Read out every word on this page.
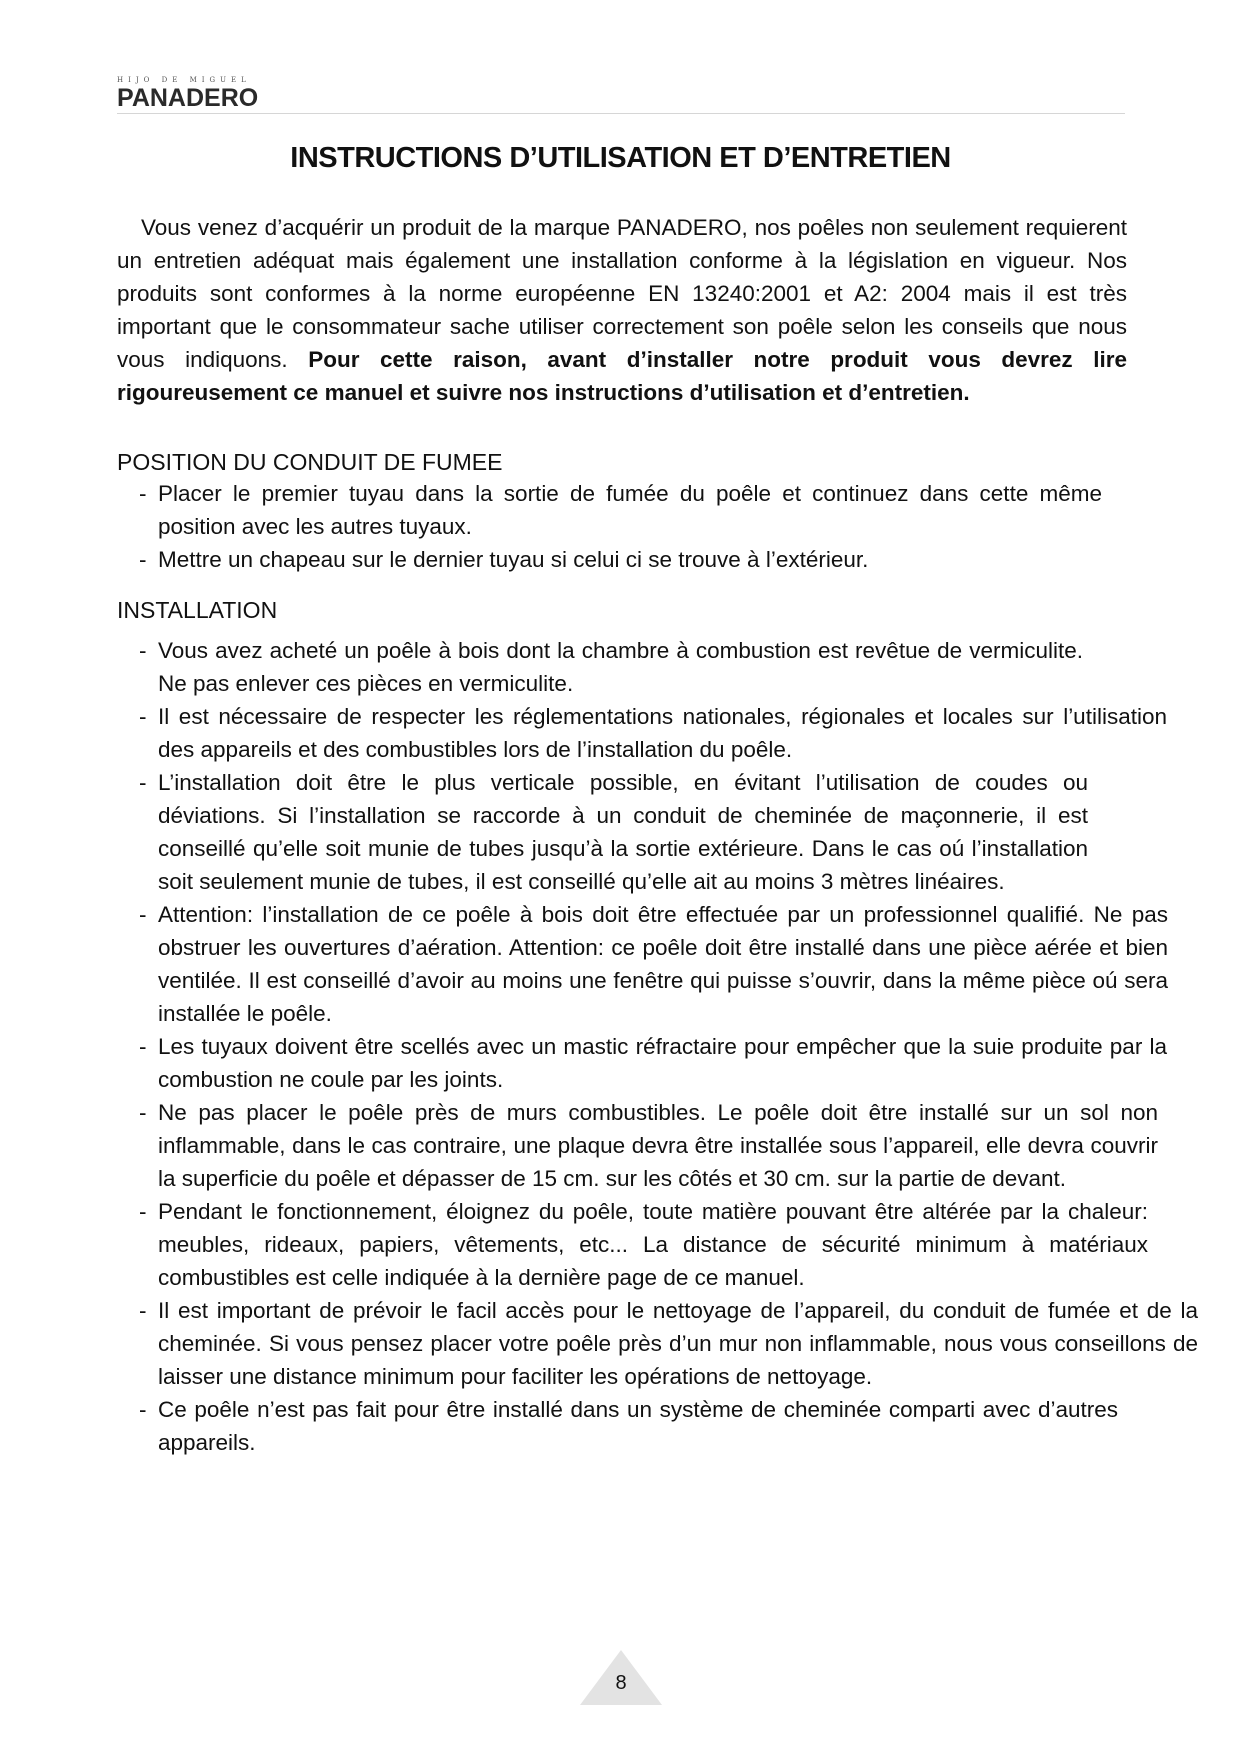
HIJO DE MIGUEL
PANADERO
INSTRUCTIONS D’UTILISATION ET D’ENTRETIEN

Vous venez d’acquérir un produit de la marque PANADERO, nos poêles non seulement requierent un entretien adéquat mais également une installation conforme à la législation en vigueur. Nos produits sont conformes à la norme européenne EN 13240:2001 et A2: 2004 mais il est très important que le consommateur sache utiliser correctement son poêle selon les conseils que nous vous indiquons. Pour cette raison, avant d’installer notre produit vous devrez lire rigoureusement ce manuel et suivre nos instructions d’utilisation et d’entretien.

POSITION DU CONDUIT DE FUMEE
- Placer le premier tuyau dans la sortie de fumée du poêle et continuez dans cette même position avec les autres tuyaux.
- Mettre un chapeau sur le dernier tuyau si celui ci se trouve à l’extérieur.
INSTALLATION
- Vous avez acheté un poêle à bois dont la chambre à combustion est revêtue de vermiculite. Ne pas enlever ces pièces en vermiculite.
- Il est nécessaire de respecter les réglementations nationales, régionales et locales sur l’utilisation des appareils et des combustibles lors de l’installation du poêle.
- L’installation doit être le plus verticale possible, en évitant l’utilisation de coudes ou déviations. Si l’installation se raccorde à un conduit de cheminée de maçonnerie, il est conseillé qu’elle soit munie de tubes jusqu’à la sortie extérieure. Dans le cas oú l’installation soit seulement munie de tubes, il est conseillé qu’elle ait au moins 3 mètres linéaires.
- Attention: l’installation de ce poêle à bois doit être effectuée par un professionnel qualifié. Ne pas obstruer les ouvertures d’aération. Attention: ce poêle doit être installé dans une pièce aérée et bien ventilée. Il est conseillé d’avoir au moins une fenêtre qui puisse s’ouvrir, dans la même pièce oú sera installée le poêle.
- Les tuyaux doivent être scellés avec un mastic réfractaire pour empêcher que la suie produite par la combustion ne coule par les joints.
- Ne pas placer le poêle près de murs combustibles. Le poêle doit être installé sur un sol non inflammable, dans le cas contraire, une plaque devra être installée sous l’appareil, elle devra couvrir la superficie du poêle et dépasser de 15 cm. sur les côtés et 30 cm. sur la partie de devant.
- Pendant le fonctionnement, éloignez du poêle, toute matière pouvant être altérée par la chaleur: meubles, rideaux, papiers, vêtements, etc... La distance de sécurité minimum à matériaux combustibles est celle indiquée à la dernière page de ce manuel.
- Il est important de prévoir le facil accès pour le nettoyage de l’appareil, du conduit de fumée et de la cheminée. Si vous pensez placer votre poêle près d’un mur non inflammable, nous vous conseillons de laisser une distance minimum pour faciliter les opérations de nettoyage.
- Ce poêle n’est pas fait pour être installé dans un système de cheminée comparti avec d’autres appareils.
8
